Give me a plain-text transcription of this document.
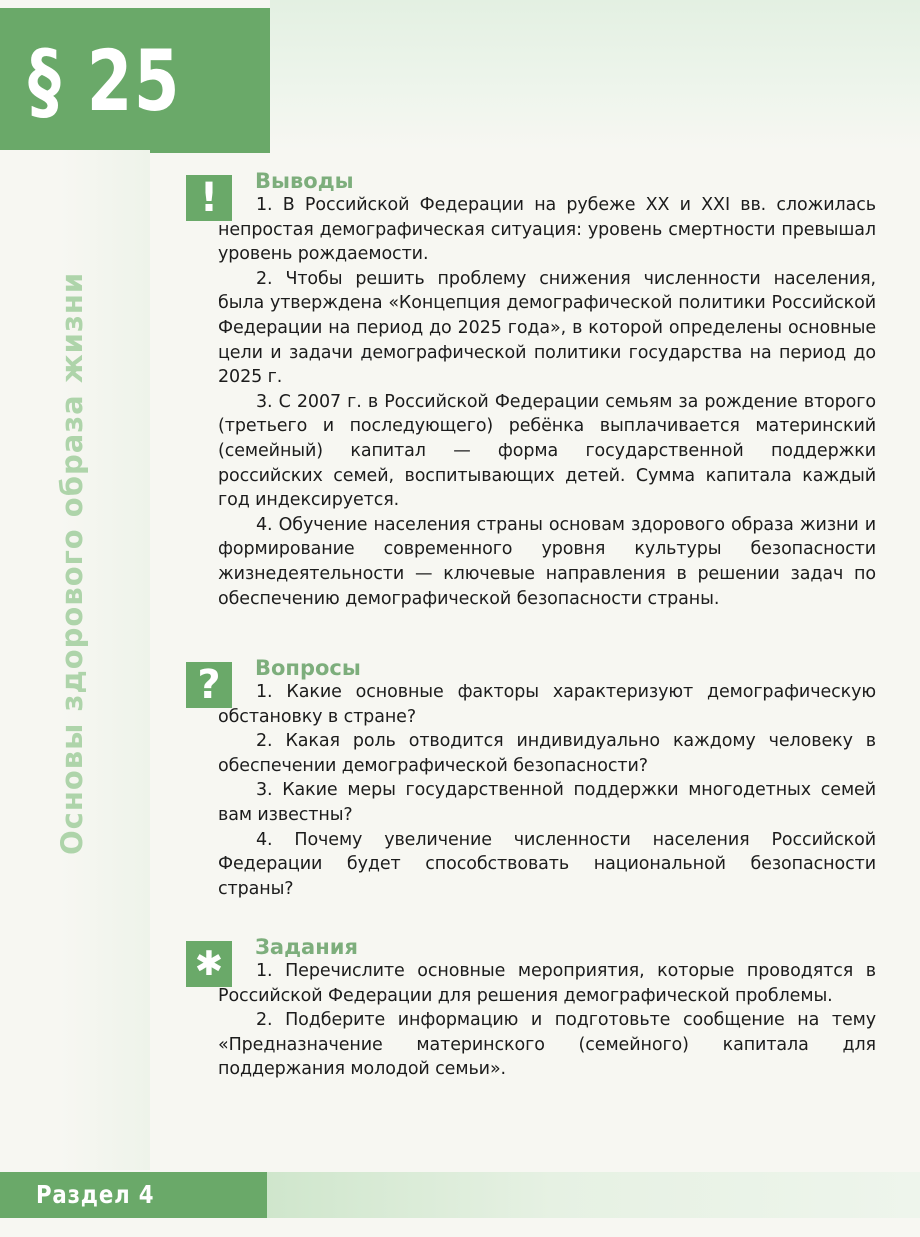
§ 25
Основы здорового образа жизни
!	Выводы

1. В Российской Федерации на рубеже XX и XXI вв. сложилась непростая демографическая ситуация: уровень смертности превышал уровень рождаемости.

2. Чтобы решить проблему снижения численности населения, была утверждена «Концепция демографической политики Российской Федерации на период до 2025 года», в которой определены основные цели и задачи демографической политики государства на период до 2025 г.

3. С 2007 г. в Российской Федерации семьям за рождение второго (третьего и последующего) ребёнка выплачивается материнский (семейный) капитал — форма государственной поддержки российских семей, воспитывающих детей. Сумма капитала каждый год индексируется.

4. Обучение населения страны основам здорового образа жизни и формирование современного уровня культуры безопасности жизнедеятельности — ключевые направления в решении задач по обеспечению демографической безопасности страны.

?	Вопросы

1. Какие основные факторы характеризуют демографическую обстановку в стране?

2. Какая роль отводится индивидуально каждому человеку в обеспечении демографической безопасности?

3. Какие меры государственной поддержки многодетных семей вам известны?

4. Почему увеличение численности населения Российской Федерации будет способствовать национальной безопасности страны?

✱	Задания

1. Перечислите основные мероприятия, которые проводятся в Российской Федерации для решения демографической проблемы.

2. Подберите информацию и подготовьте сообщение на тему «Предназначение материнского (семейного) капитала для поддержания молодой семьи».

Раздел 4
